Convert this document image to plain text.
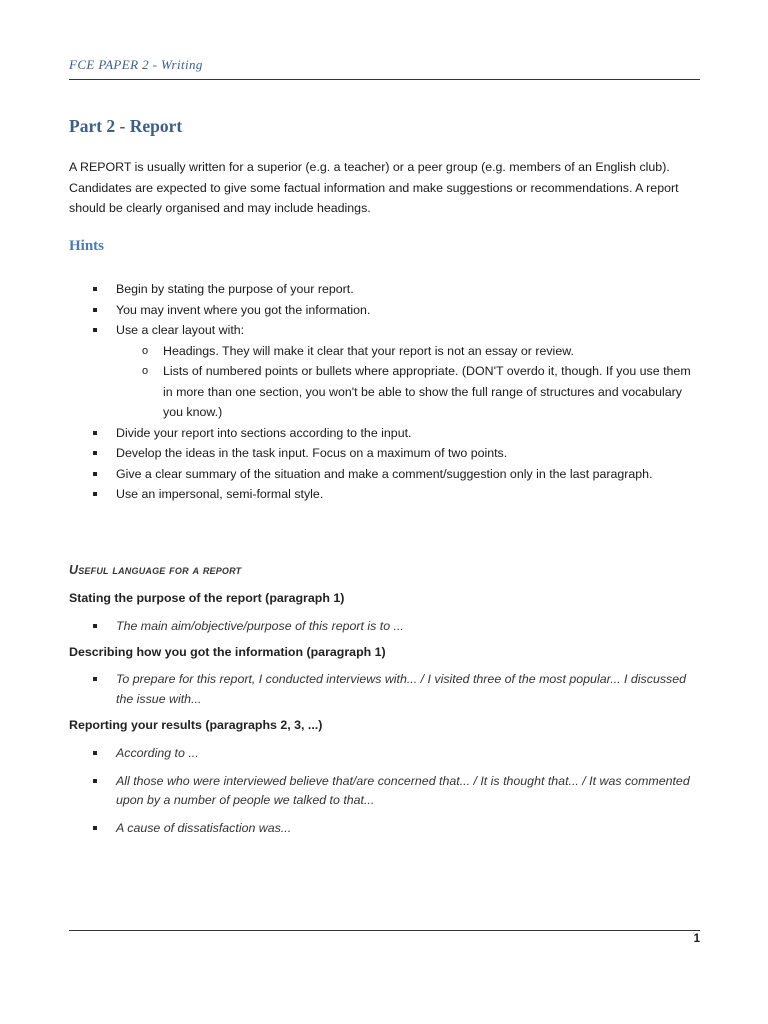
FCE PAPER 2 - Writing
Part 2 - Report

A REPORT is usually written for a superior (e.g. a teacher) or a peer group (e.g. members of an English club). Candidates are expected to give some factual information and make suggestions or recommendations. A report should be clearly organised and may include headings.

Hints
Begin by stating the purpose of your report.
You may invent where you got the information.
Use a clear layout with:
o Headings. They will make it clear that your report is not an essay or review.
o Lists of numbered points or bullets where appropriate. (DON'T overdo it, though. If you use them in more than one section, you won't be able to show the full range of structures and vocabulary you know.)
Divide your report into sections according to the input.
Develop the ideas in the task input. Focus on a maximum of two points.
Give a clear summary of the situation and make a comment/suggestion only in the last paragraph.
Use an impersonal, semi-formal style.
Useful language for a report
Stating the purpose of the report (paragraph 1)
The main aim/objective/purpose of this report is to ...
Describing how you got the information (paragraph 1)
To prepare for this report, I conducted interviews with... / I visited three of the most popular... I discussed the issue with...
Reporting your results (paragraphs 2, 3, ...)
According to ...
All those who were interviewed believe that/are concerned that... / It is thought that... / It was commented upon by a number of people we talked to that...
A cause of dissatisfaction was...
1
